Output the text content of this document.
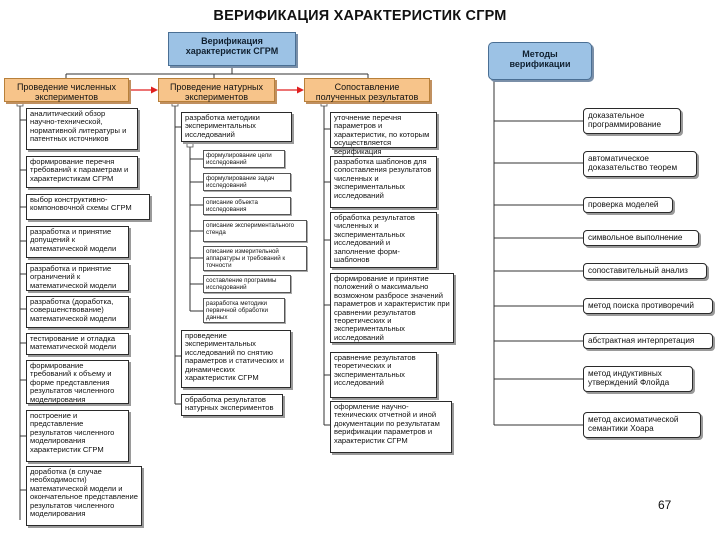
ВЕРИФИКАЦИЯ ХАРАКТЕРИСТИК СГРМ
Верификация характеристик СГРМ	Методы верификации
Проведение численных экспериментов
Проведение натурных экспериментов
Сопоставление полученных результатов
аналитический обзор научно-технической, нормативной литературы и патентных источников
формирование перечня требований к параметрам и характеристикам СГРМ
выбор конструктивно-компоновочной схемы СГРМ
разработка и принятие допущений к математической модели
разработка и принятие ограничений к математической модели
разработка (доработка, совершенствование) математической модели
тестирование и отладка математической модели
формирование требований к объему и форме представления результатов численного моделирования
построение и представление результатов численного моделирования характеристик СГРМ
доработка (в случае необходимости) математической модели и окончательное представление результатов численного моделирования
разработка методики экспериментальных исследований
формулирование цели исследований
формулирование задач исследований
описание объекта исследования
описание экспериментального стенда
описание измерительной аппаратуры и требований к точности
составление программы исследований
разработка методики первичной обработки данных
проведение экспериментальных исследований по снятию параметров и статических и динамических характеристик СГРМ
обработка результатов натурных экспериментов
уточнение перечня параметров и характеристик, по которым осуществляется верификация
разработка шаблонов для сопоставления результатов численных и экспериментальных исследований
обработка результатов численных и экспериментальных исследований и заполнение форм-шаблонов
формирование и принятие положений о максимально возможном разбросе значений параметров и характеристик при сравнении результатов теоретических и экспериментальных исследований
сравнение результатов теоретических и экспериментальных исследований
оформление научно-технических отчетной и иной документации по результатам верификации параметров и характеристик СГРМ
доказательное программирование
автоматическое доказательство теорем
проверка моделей
символьное выполнение
сопоставительный анализ
метод поиска противоречий
абстрактная интерпретация
метод индуктивных утверждений Флойда
метод аксиоматической семантики Хоара
67
